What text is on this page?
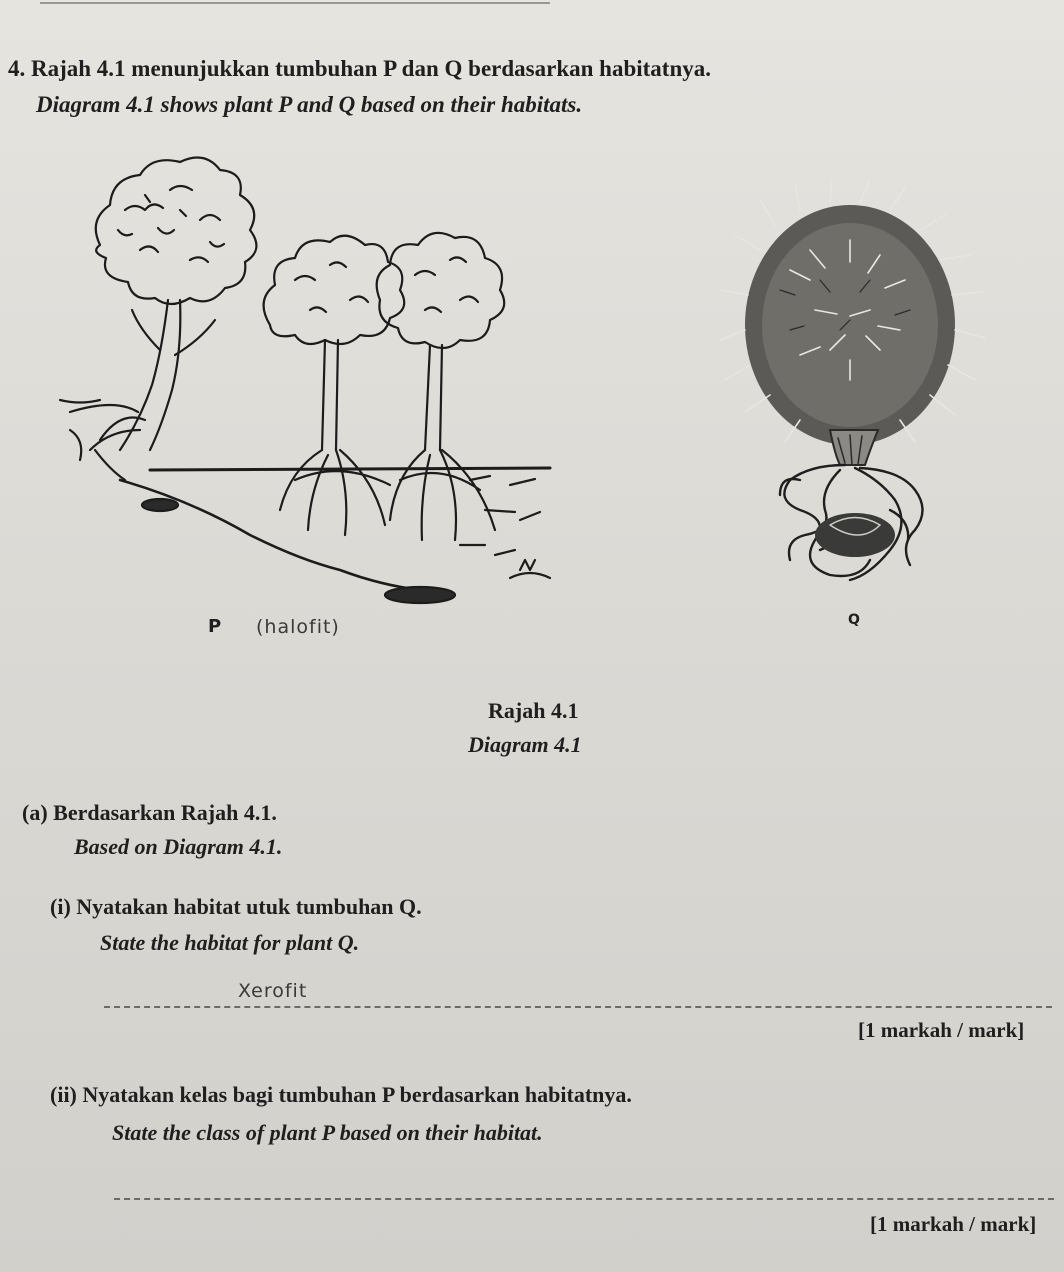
4. Rajah 4.1 menunjukkan tumbuhan P dan Q berdasarkan habitatnya.
Diagram 4.1 shows plant P and Q based on their habitats.
P (halofit)	Q
Rajah 4.1
Diagram 4.1
(a) Berdasarkan Rajah 4.1.
Based on Diagram 4.1.
(i) Nyatakan habitat utuk tumbuhan Q.
State the habitat for plant Q.
Xerofit
[1 markah / mark]
(ii) Nyatakan kelas bagi tumbuhan P berdasarkan habitatnya.
State the class of plant P based on their habitat.
[1 markah / mark]
